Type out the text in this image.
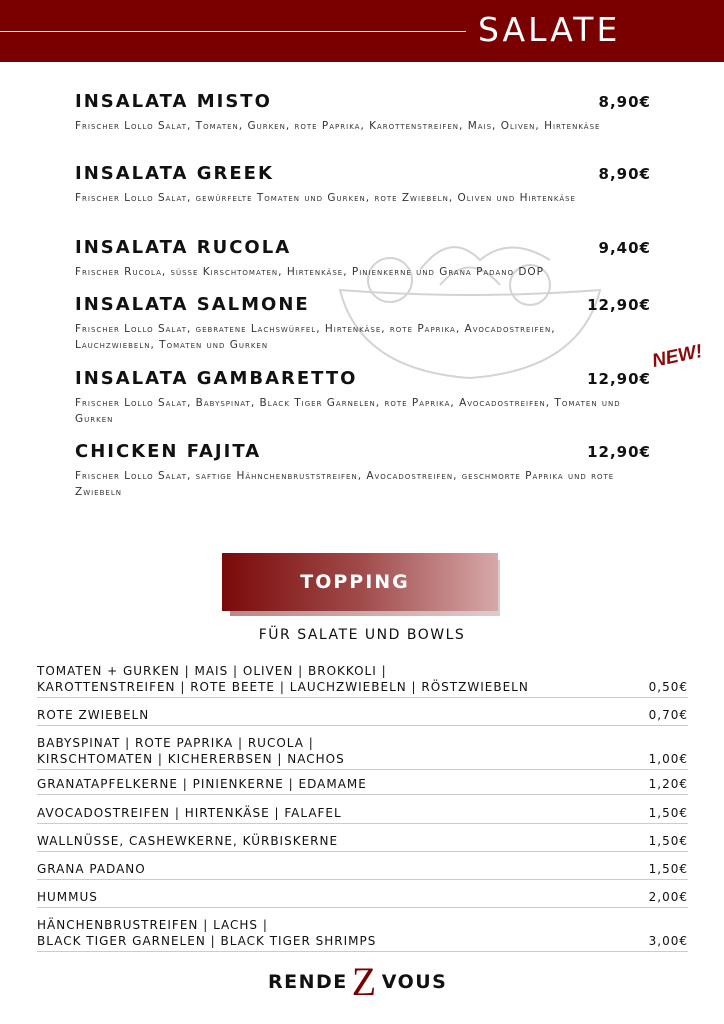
SALATE
INSALATA MISTO	8,90€
Frischer Lollo Salat, Tomaten, Gurken, rote Paprika, Karottenstreifen, Mais, Oliven, Hirtenkäse
INSALATA GREEK	8,90€
Frischer Lollo Salat, gewürfelte Tomaten und Gurken, rote Zwiebeln, Oliven und Hirtenkäse
INSALATA RUCOLA	9,40€
Frischer Rucola, süsse Kirschtomaten, Hirtenkäse, Pinienkerne und Grana Padano DOP
INSALATA SALMONE	12,90€
Frischer Lollo Salat, gebratene Lachswürfel, Hirtenkäse, rote Paprika, Avocadostreifen, Lauchzwiebeln, Tomaten und Gurken
INSALATA GAMBARETTO	12,90€
Frischer Lollo Salat, Babyspinat, Black Tiger Garnelen, rote Paprika, Avocadostreifen, Tomaten und Gurken
NEW!
CHICKEN FAJITA	12,90€
Frischer Lollo Salat, saftige Hähnchenbruststreifen, Avocadostreifen, geschmorte Paprika und rote Zwiebeln
TOPPING
FÜR SALATE UND BOWLS
TOMATEN + GURKEN | MAIS | OLIVEN | BROKKOLI |
KAROTTENSTREIFEN | ROTE BEETE | LAUCHZWIEBELN | RÖSTZWIEBELN	0,50€
ROTE ZWIEBELN	0,70€
BABYSPINAT | ROTE PAPRIKA | RUCOLA |
KIRSCHTOMATEN | KICHERERBSEN | NACHOS	1,00€
GRANATAPFELKERNE | PINIENKERNE | EDAMAME	1,20€
AVOCADOSTREIFEN | HIRTENKÄSE | FALAFEL	1,50€
WALLNÜSSE, CASHEWKERNE, KÜRBISKERNE	1,50€
GRANA PADANO	1,50€
HUMMUS	2,00€
HÄNCHENBRUSTREIFEN | LACHS |
BLACK TIGER GARNELEN | BLACK TIGER SHRIMPS	3,00€
RENDE Z VOUS
